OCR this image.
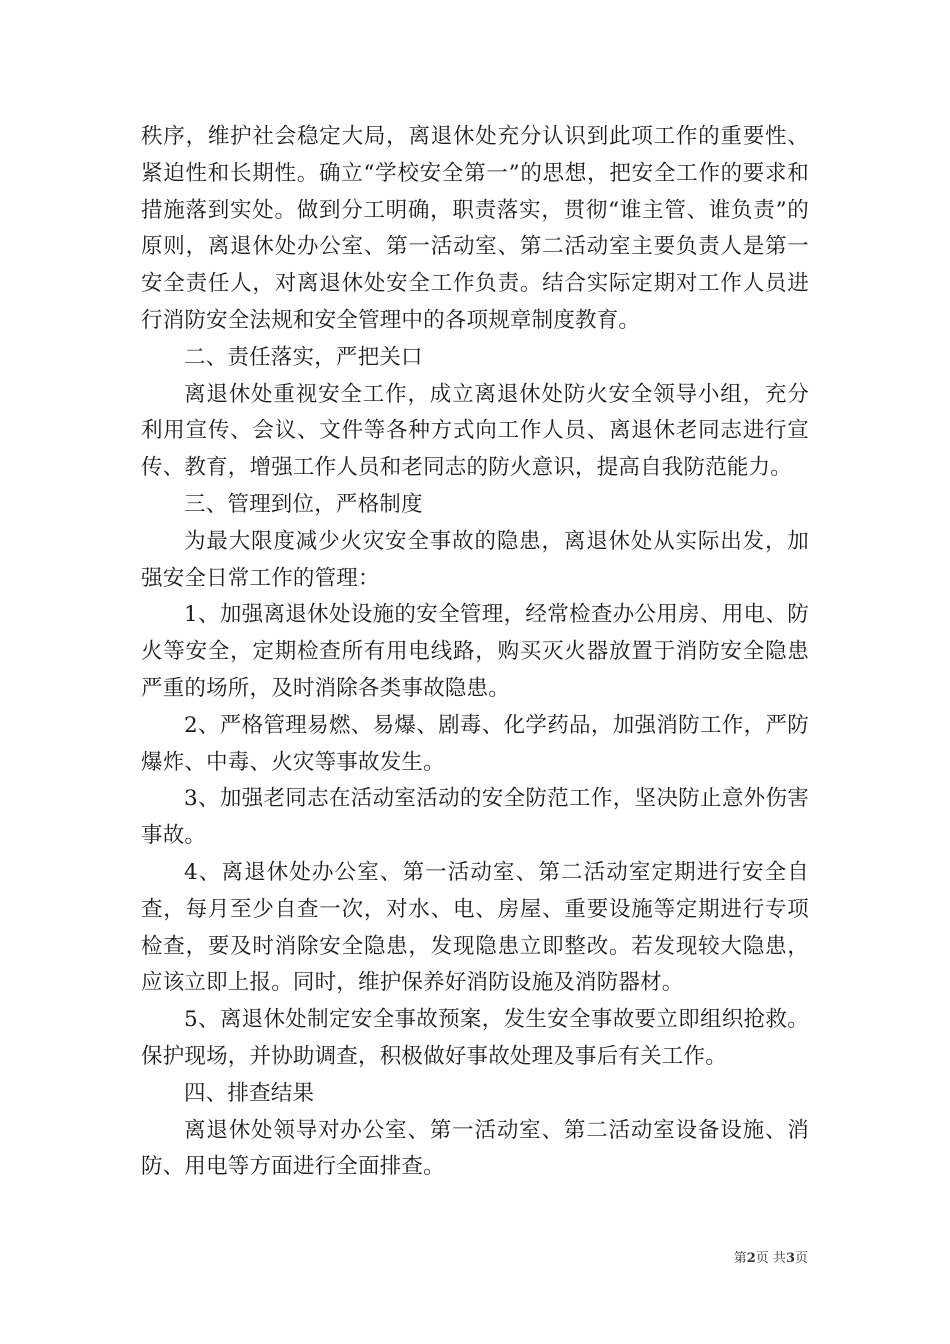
秩序，维护社会稳定大局，离退休处充分认识到此项工作的重要性、紧迫性和长期性。确立“学校安全第一”的思想，把安全工作的要求和措施落到实处。做到分工明确，职责落实，贯彻“谁主管、谁负责”的原则，离退休处办公室、第一活动室、第二活动室主要负责人是第一安全责任人，对离退休处安全工作负责。结合实际定期对工作人员进行消防安全法规和安全管理中的各项规章制度教育。

二、责任落实，严把关口

离退休处重视安全工作，成立离退休处防火安全领导小组，充分利用宣传、会议、文件等各种方式向工作人员、离退休老同志进行宣传、教育，增强工作人员和老同志的防火意识，提高自我防范能力。

三、管理到位，严格制度

为最大限度减少火灾安全事故的隐患，离退休处从实际出发，加强安全日常工作的管理：

1、加强离退休处设施的安全管理，经常检查办公用房、用电、防火等安全，定期检查所有用电线路，购买灭火器放置于消防安全隐患严重的场所，及时消除各类事故隐患。

2、严格管理易燃、易爆、剧毒、化学药品，加强消防工作，严防爆炸、中毒、火灾等事故发生。

3、加强老同志在活动室活动的安全防范工作，坚决防止意外伤害事故。

4、离退休处办公室、第一活动室、第二活动室定期进行安全自查，每月至少自查一次，对水、电、房屋、重要设施等定期进行专项检查，要及时消除安全隐患，发现隐患立即整改。若发现较大隐患，应该立即上报。同时，维护保养好消防设施及消防器材。

5、离退休处制定安全事故预案，发生安全事故要立即组织抢救。保护现场，并协助调查，积极做好事故处理及事后有关工作。

四、排查结果

离退休处领导对办公室、第一活动室、第二活动室设备设施、消防、用电等方面进行全面排查。

第2页 共3页
